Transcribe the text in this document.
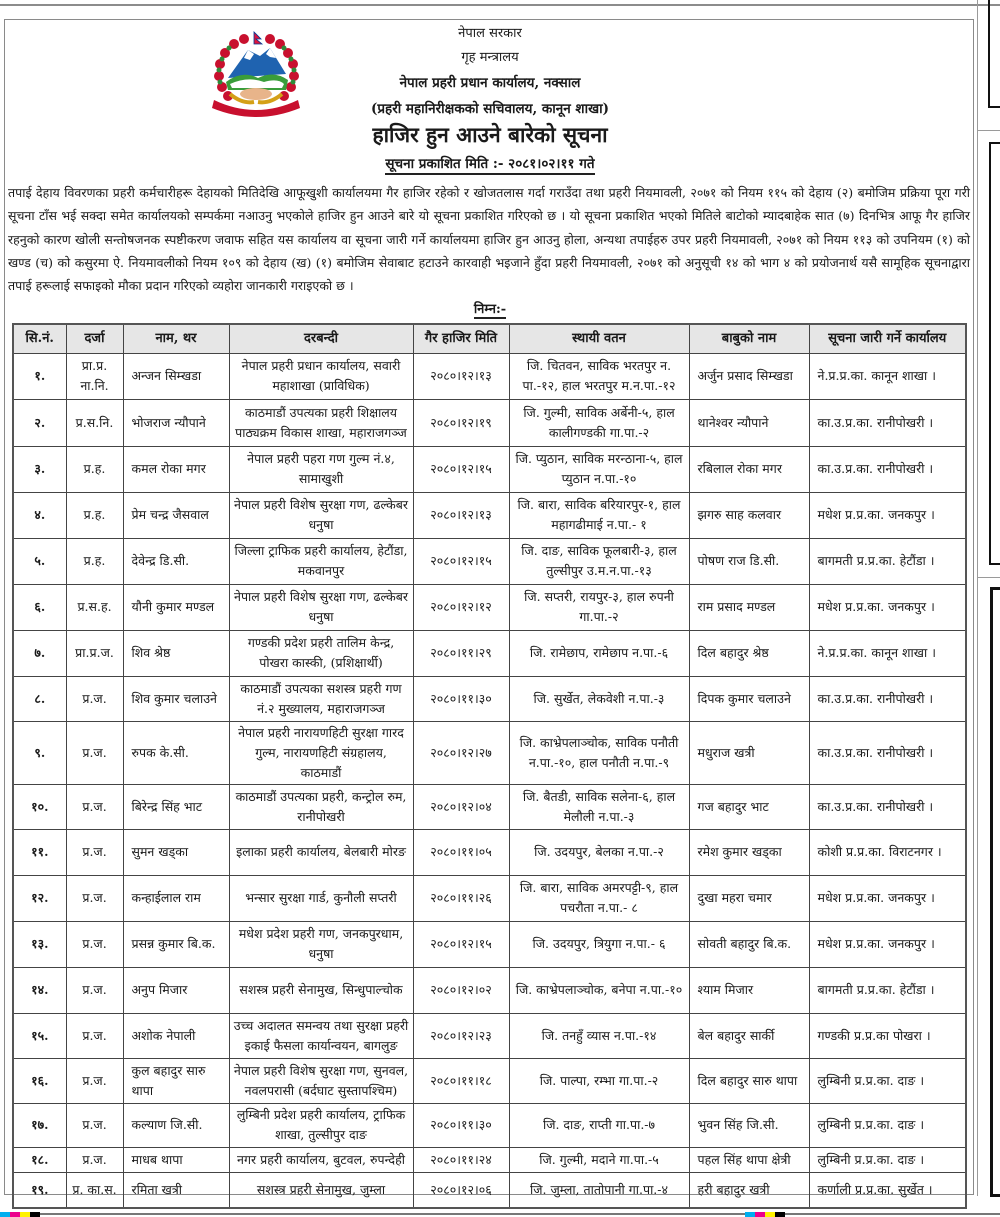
नेपाल सरकार
गृह मन्त्रालय
नेपाल प्रहरी प्रधान कार्यालय, नक्साल
(प्रहरी महानिरीक्षकको सचिवालय, कानून शाखा)
हाजिर हुन आउने बारेको सूचना
सूचना प्रकाशित मिति :- २०८१।०२।११ गते

तपाई देहाय विवरणका प्रहरी कर्मचारीहरू देहायको मितिदेखि आफूखुशी कार्यालयमा गैर हाजिर रहेको र खोजतलास गर्दा गराउँदा तथा प्रहरी नियमावली, २०७१ को नियम ११५ को देहाय (२) बमोजिम प्रक्रिया पूरा गरी सूचना टाँस भई सक्दा समेत कार्यालयको सम्पर्कमा नआउनु भएकोले हाजिर हुन आउने बारे यो सूचना प्रकाशित गरिएको छ । यो सूचना प्रकाशित भएको मितिले बाटोको म्यादबाहेक सात (७) दिनभित्र आफू गैर हाजिर रहनुको कारण खोली सन्तोषजनक स्पष्टीकरण जवाफ सहित यस कार्यालय वा सूचना जारी गर्ने कार्यालयमा हाजिर हुन आउनु होला, अन्यथा तपाईहरु उपर प्रहरी नियमावली, २०७१ को नियम ११३ को उपनियम (१) को खण्ड (च) को कसुरमा ऐ. नियमावलीको नियम १०९ को देहाय (ख) (१) बमोजिम सेवाबाट हटाउने कारवाही भइजाने हुँदा प्रहरी नियमावली, २०७१ को अनुसूची १४ को भाग ४ को प्रयोजनार्थ यसै सामूहिक सूचनाद्वारा तपाई हरूलाई सफाइको मौका प्रदान गरिएको व्यहोरा जानकारी गराइएको छ ।

निम्न:-
सि.नं.	दर्जा	नाम, थर	दरबन्दी	गैर हाजिर मिति	स्थायी वतन	बाबुको नाम	सूचना जारी गर्ने कार्यालय
१.	प्रा.प्र. ना.नि.	अन्जन सिम्खडा	नेपाल प्रहरी प्रधान कार्यालय, सवारी महाशाखा (प्राविधिक)	२०८०।१२।१३	जि. चितवन, साविक भरतपुर न. पा.-१२, हाल भरतपुर म.न.पा.-१२	अर्जुन प्रसाद सिम्खडा	ने.प्र.प्र.का. कानून शाखा ।
२.	प्र.स.नि.	भोजराज न्यौपाने	काठमाडौं उपत्यका प्रहरी शिक्षालय पाठ्यक्रम विकास शाखा, महाराजगञ्ज	२०८०।१२।१९	जि. गुल्मी, साविक अर्बेनी-५, हाल कालीगण्डकी गा.पा.-२	थानेश्वर न्यौपाने	का.उ.प्र.का. रानीपोखरी ।
३.	प्र.ह.	कमल रोका मगर	नेपाल प्रहरी पहरा गण गुल्म नं.४, सामाखुशी	२०८०।१२।१५	जि. प्युठान, साविक मरन्ठाना-५, हाल प्युठान न.पा.-१०	रबिलाल रोका मगर	का.उ.प्र.का. रानीपोखरी ।
४.	प्र.ह.	प्रेम चन्द्र जैसवाल	नेपाल प्रहरी विशेष सुरक्षा गण, ढल्केबर धनुषा	२०८०।१२।१३	जि. बारा, साविक बरियारपुर-१, हाल महागढीमाई न.पा.- १	झगरु साह कलवार	मधेश प्र.प्र.का. जनकपुर ।
५.	प्र.ह.	देवेन्द्र डि.सी.	जिल्ला ट्राफिक प्रहरी कार्यालय, हेटौंडा, मकवानपुर	२०८०।१२।१५	जि. दाङ, साविक फूलबारी-३, हाल तुल्सीपुर उ.म.न.पा.-१३	पोषण राज डि.सी.	बागमती प्र.प्र.का. हेटौंडा ।
६.	प्र.स.ह.	यौनी कुमार मण्डल	नेपाल प्रहरी विशेष सुरक्षा गण, ढल्केबर धनुषा	२०८०।१२।१२	जि. सप्तरी, रायपुर-३, हाल रुपनी गा.पा.-२	राम प्रसाद मण्डल	मधेश प्र.प्र.का. जनकपुर ।
७.	प्रा.प्र.ज.	शिव श्रेष्ठ	गण्डकी प्रदेश प्रहरी तालिम केन्द्र, पोखरा कास्की, (प्रशिक्षार्थी)	२०८०।११।२९	जि. रामेछाप, रामेछाप न.पा.-६	दिल बहादुर श्रेष्ठ	ने.प्र.प्र.का. कानून शाखा ।
८.	प्र.ज.	शिव कुमार चलाउने	काठमाडौं उपत्यका सशस्त्र प्रहरी गण नं.२ मुख्यालय, महाराजगञ्ज	२०८०।११।३०	जि. सुर्खेत, लेकवेशी न.पा.-३	दिपक कुमार चलाउने	का.उ.प्र.का. रानीपोखरी ।
९.	प्र.ज.	रुपक के.सी.	नेपाल प्रहरी नारायणहिटी सुरक्षा गारद गुल्म, नारायणहिटी संग्रहालय, काठमाडौं	२०८०।१२।२७	जि. काभ्रेपलाञ्चोक, साविक पनौती न.पा.-१०, हाल पनौती न.पा.-९	मधुराज खत्री	का.उ.प्र.का. रानीपोखरी ।
१०.	प्र.ज.	बिरेन्द्र सिंह भाट	काठमाडौं उपत्यका प्रहरी, कन्ट्रोल रुम, रानीपोखरी	२०८०।१२।०४	जि. बैतडी, साविक सलेना-६, हाल मेलौली न.पा.-३	गज बहादुर भाट	का.उ.प्र.का. रानीपोखरी ।
११.	प्र.ज.	सुमन खड्का	इलाका प्रहरी कार्यालय, बेलबारी मोरङ	२०८०।११।०५	जि. उदयपुर, बेलका न.पा.-२	रमेश कुमार खड्का	कोशी प्र.प्र.का. विराटनगर ।
१२.	प्र.ज.	कन्हाईलाल राम	भन्सार सुरक्षा गार्ड, कुनौली सप्तरी	२०८०।११।२६	जि. बारा, साविक अमरपट्टी-९, हाल पचरौता न.पा.- ८	दुखा महरा चमार	मधेश प्र.प्र.का. जनकपुर ।
१३.	प्र.ज.	प्रसन्न कुमार बि.क.	मधेश प्रदेश प्रहरी गण, जनकपुरधाम, धनुषा	२०८०।१२।१५	जि. उदयपुर, त्रियुगा न.पा.- ६	सोवती बहादुर बि.क.	मधेश प्र.प्र.का. जनकपुर ।
१४.	प्र.ज.	अनुप मिजार	सशस्त्र प्रहरी सेनामुख, सिन्धुपाल्चोक	२०८०।१२।०२	जि. काभ्रेपलाञ्चोक, बनेपा न.पा.-१०	श्याम मिजार	बागमती प्र.प्र.का. हेटौंडा ।
१५.	प्र.ज.	अशोक नेपाली	उच्च अदालत समन्वय तथा सुरक्षा प्रहरी इकाई फैसला कार्यान्वयन, बागलुङ	२०८०।१२।२३	जि. तनहुँ व्यास न.पा.-१४	बेल बहादुर सार्की	गण्डकी प्र.प्र.का पोखरा ।
१६.	प्र.ज.	कुल बहादुर सारु थापा	नेपाल प्रहरी विशेष सुरक्षा गण, सुनवल, नवलपरासी (बर्दघाट सुस्तापश्चिम)	२०८०।११।१८	जि. पाल्पा, रम्भा गा.पा.-२	दिल बहादुर सारु थापा	लुम्बिनी प्र.प्र.का. दाङ ।
१७.	प्र.ज.	कल्याण जि.सी.	लुम्बिनी प्रदेश प्रहरी कार्यालय, ट्राफिक शाखा, तुल्सीपुर दाङ	२०८०।११।३०	जि. दाङ, राप्ती गा.पा.-७	भुवन सिंह जि.सी.	लुम्बिनी प्र.प्र.का. दाङ ।
१८.	प्र.ज.	माधब थापा	नगर प्रहरी कार्यालय, बुटवल, रुपन्देही	२०८०।११।२४	जि. गुल्मी, मदाने गा.पा.-५	पहल सिंह थापा क्षेत्री	लुम्बिनी प्र.प्र.का. दाङ ।
१९.	प्र. का.स.	रमिता खत्री	सशस्त्र प्रहरी सेनामुख, जुम्ला	२०८०।१२।०६	जि. जुम्ला, तातोपानी गा.पा.-४	हरी बहादुर खत्री	कर्णाली प्र.प्र.का. सुर्खेत ।
